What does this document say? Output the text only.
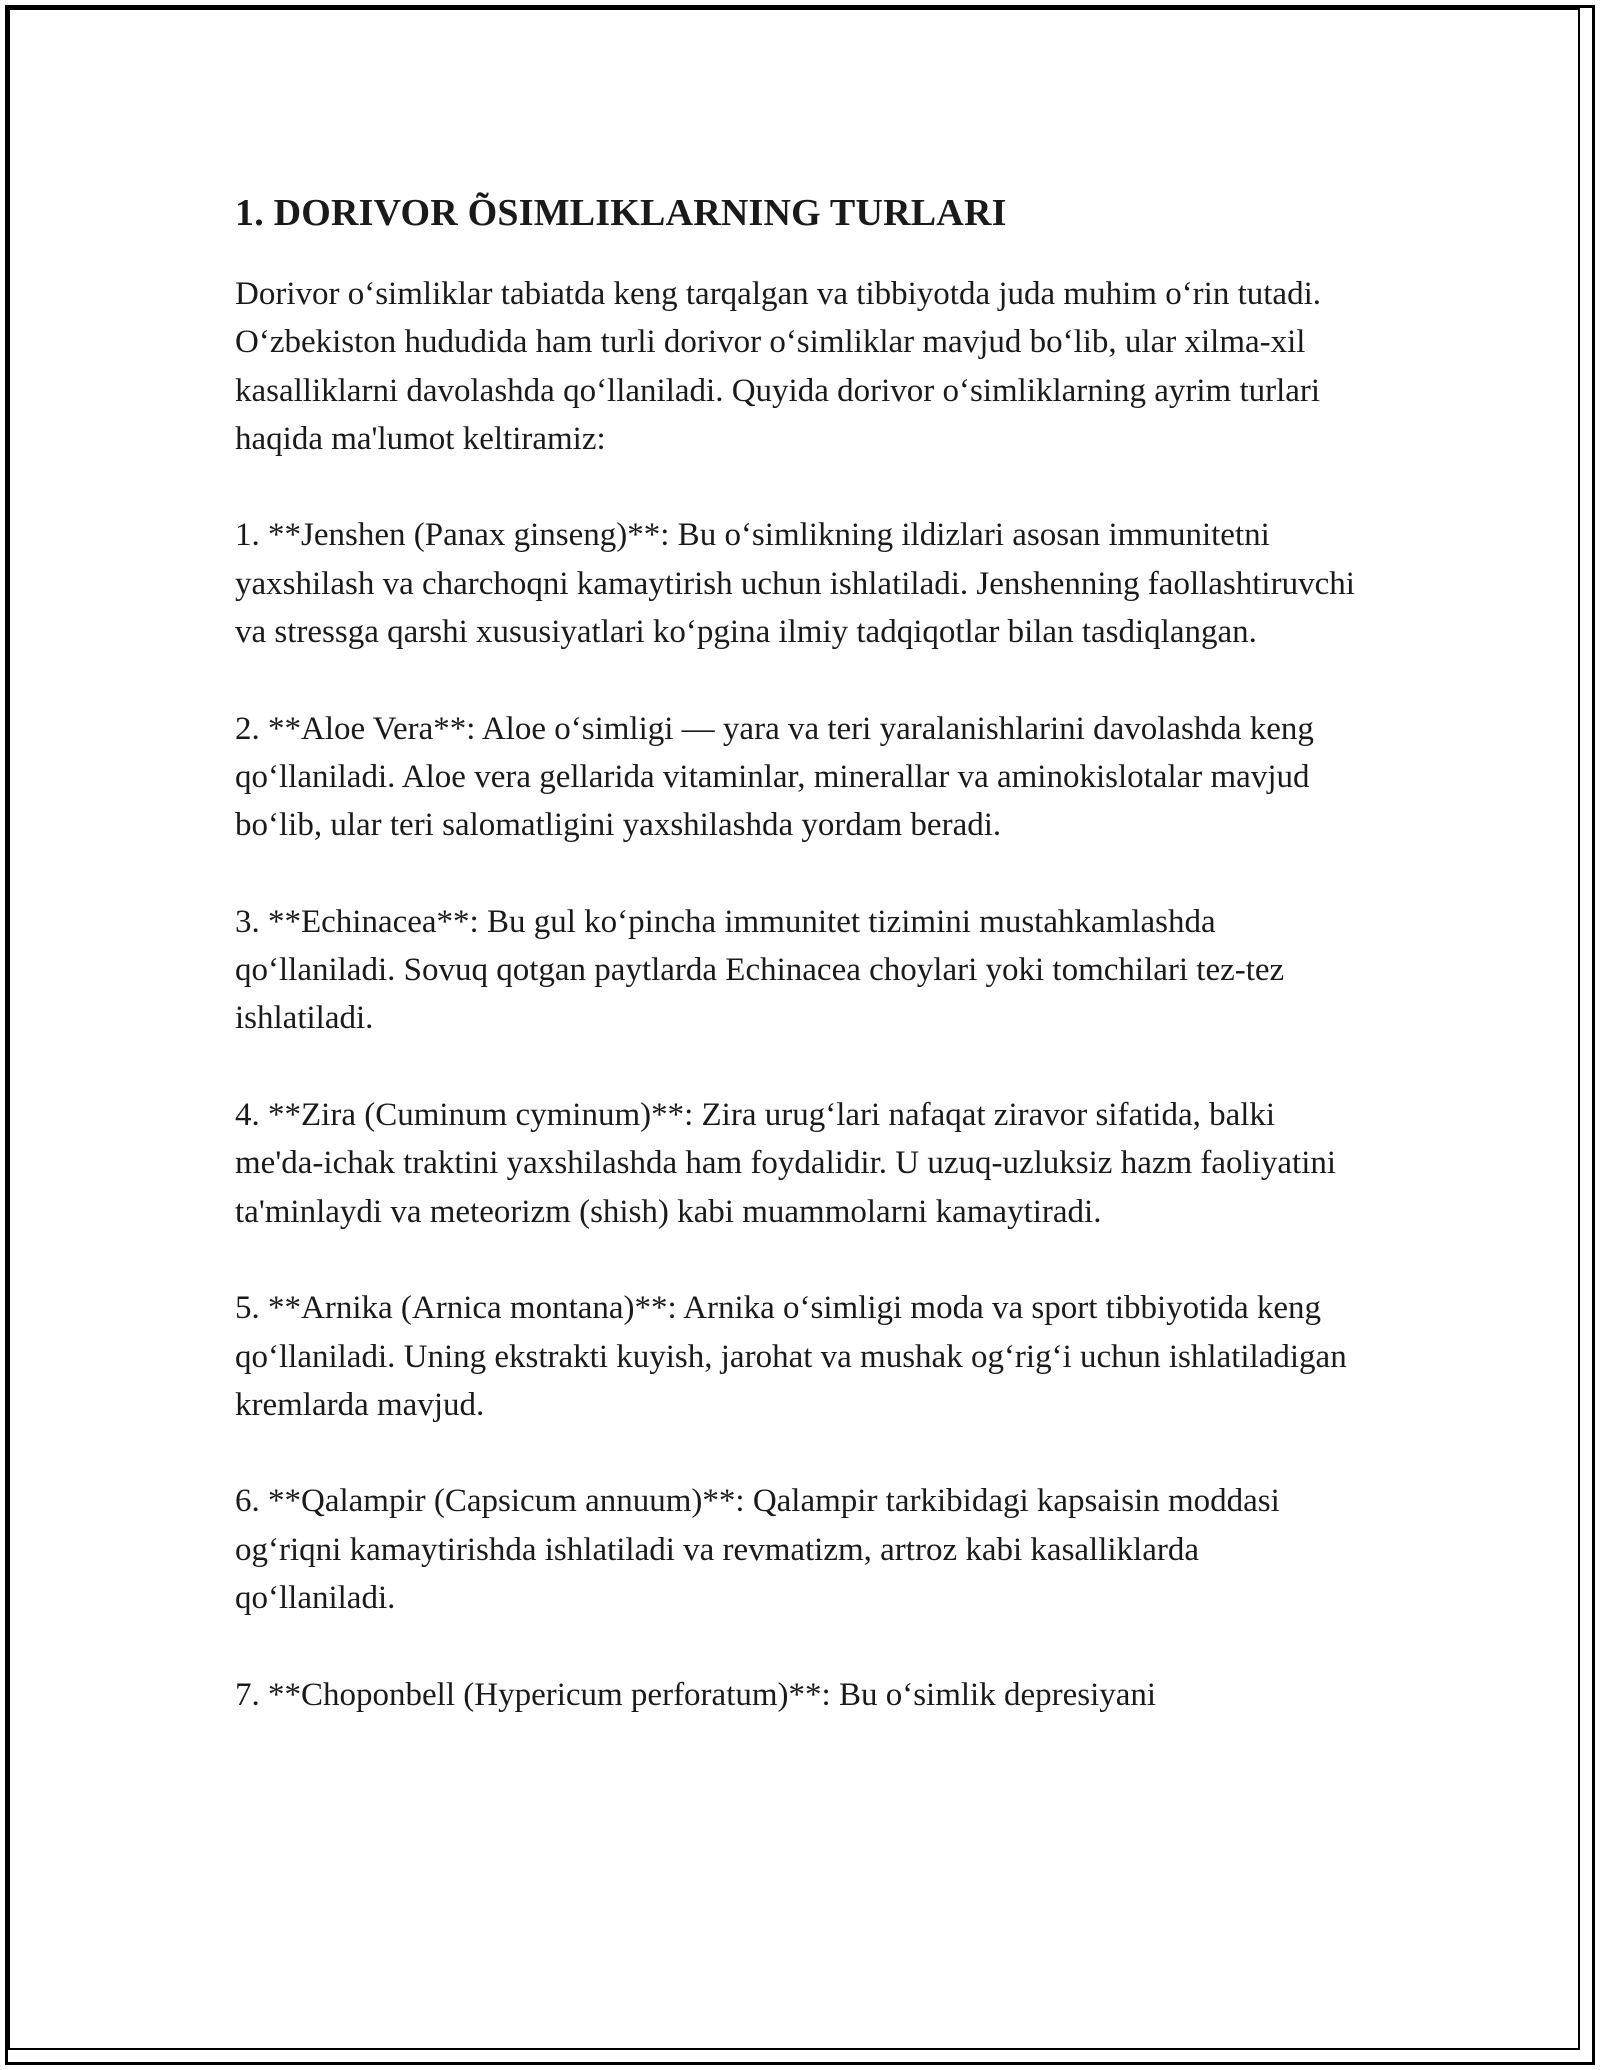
1. DORIVOR ÕSIMLIKLARNING TURLARI

Dorivor o‘simliklar tabiatda keng tarqalgan va tibbiyotda juda muhim o‘rin tutadi. O‘zbekiston hududida ham turli dorivor o‘simliklar mavjud bo‘lib, ular xilma-xil kasalliklarni davolashda qo‘llaniladi. Quyida dorivor o‘simliklarning ayrim turlari haqida ma'lumot keltiramiz:

1. **Jenshen (Panax ginseng)**: Bu o‘simlikning ildizlari asosan immunitetni yaxshilash va charchoqni kamaytirish uchun ishlatiladi. Jenshenning faollashtiruvchi va stressga qarshi xususiyatlari ko‘pgina ilmiy tadqiqotlar bilan tasdiqlangan.

2. **Aloe Vera**: Aloe o‘simligi — yara va teri yaralanishlarini davolashda keng qo‘llaniladi. Aloe vera gellarida vitaminlar, minerallar va aminokislotalar mavjud bo‘lib, ular teri salomatligini yaxshilashda yordam beradi.

3. **Echinacea**: Bu gul ko‘pincha immunitet tizimini mustahkamlashda qo‘llaniladi. Sovuq qotgan paytlarda Echinacea choylari yoki tomchilari tez-tez ishlatiladi.

4. **Zira (Cuminum cyminum)**: Zira urug‘lari nafaqat ziravor sifatida, balki me'da-ichak traktini yaxshilashda ham foydalidir. U uzuq-uzluksiz hazm faoliyatini ta'minlaydi va meteorizm (shish) kabi muammolarni kamaytiradi.

5. **Arnika (Arnica montana)**: Arnika o‘simligi moda va sport tibbiyotida keng qo‘llaniladi. Uning ekstrakti kuyish, jarohat va mushak og‘rig‘i uchun ishlatiladigan kremlarda mavjud.

6. **Qalampir (Capsicum annuum)**: Qalampir tarkibidagi kapsaisin moddasi og‘riqni kamaytirishda ishlatiladi va revmatizm, artroz kabi kasalliklarda qo‘llaniladi.

7. **Choponbell (Hypericum perforatum)**: Bu o‘simlik depresiyani
